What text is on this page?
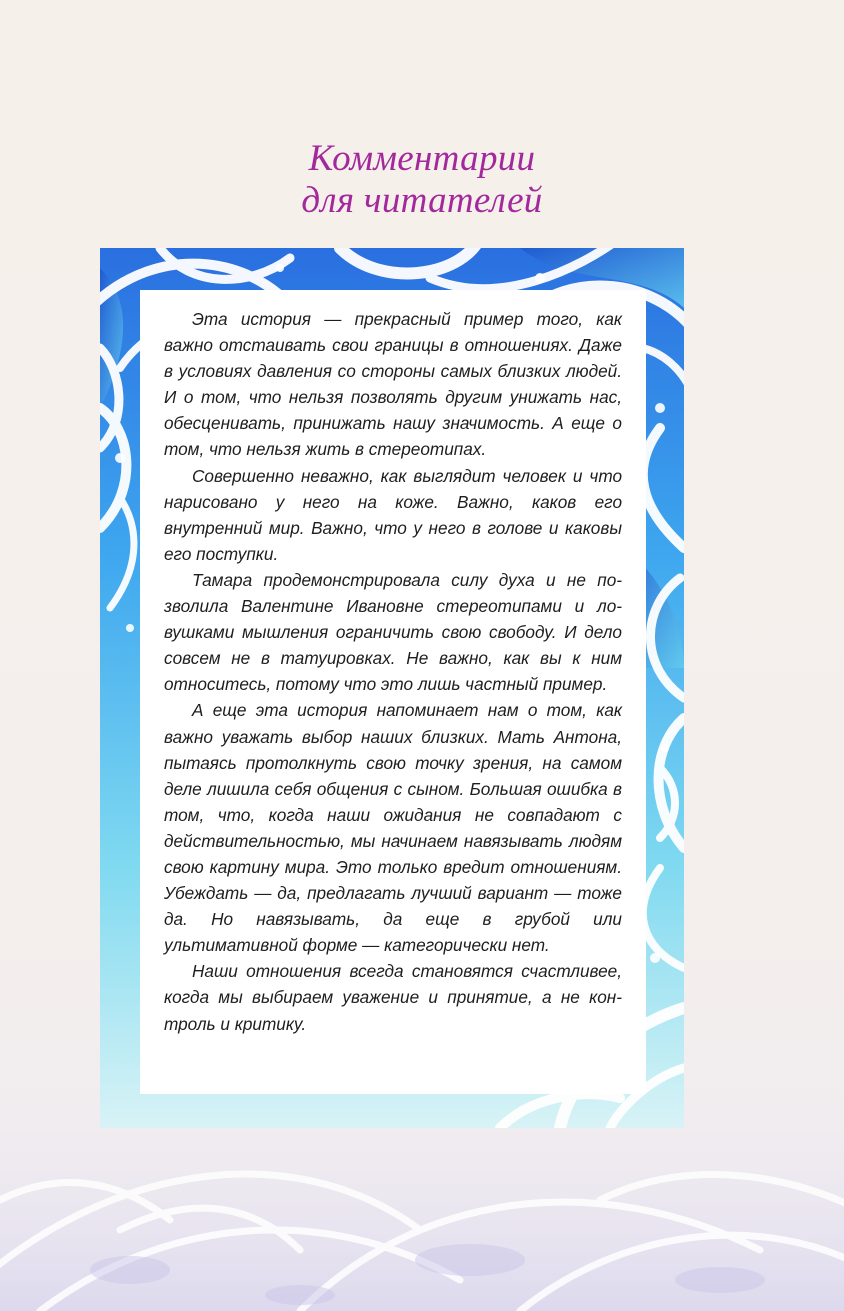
Комментарии
для читателей

Эта история — прекрасный пример того, как важно отстаивать свои границы в отношениях. Даже в условиях давления со стороны самых близких людей. И о том, что нельзя позволять другим унижать нас, обесценивать, принижать нашу значимость. А еще о том, что нельзя жить в стереотипах.

Совершенно неважно, как выглядит человек и что нарисовано у него на коже. Важно, каков его внутренний мир. Важно, что у него в голове и каковы его поступки.

Тамара продемонстрировала силу духа и не позволила Валентине Ивановне стереотипами и ловушками мышления ограничить свою свободу. И дело совсем не в татуировках. Не важно, как вы к ним относитесь, потому что это лишь частный пример.

А еще эта история напоминает нам о том, как важно уважать выбор наших близких. Мать Антона, пытаясь протолкнуть свою точку зрения, на самом деле лишила себя общения с сыном. Большая ошибка в том, что, когда наши ожидания не совпадают с действительностью, мы начинаем навязывать людям свою картину мира. Это только вредит отношениям. Убеждать — да, предлагать лучший вариант — тоже да. Но навязывать, да еще в грубой или ультимативной форме — категорически нет.

Наши отношения всегда становятся счастливее, когда мы выбираем уважение и принятие, а не контроль и критику.
